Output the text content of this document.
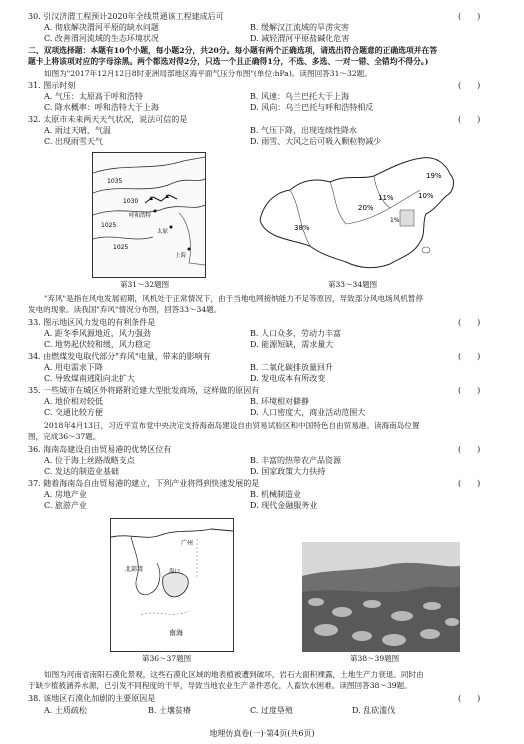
30. 引汉济渭工程预计2020年全线贯通该工程建成后可	(　　)
A. 彻底解决渭河平原的缺水问题	B. 缓解汉江流域的旱涝灾害
C. 改善渭河流域的生态环境状况	D. 减轻渭河平原盐碱化危害
二、双项选择题：本题有10个小题，每小题2分，共20分。每小题有两个正确选项，请选出符合题意的正确选项并在答
题卡上将该项对应的字母涂黑。两个都选对得2分，只选一个且正确得1分，不选、多选、一对一错、全错均不得分。)
如图为"2017年12月12日8时亚洲局部地区海平面气压分布图"(单位:hPa)。读图回答31～32题。
31. 图示时刻	(　　)
A. 气压：太原高于呼和浩特	B. 风速：乌兰巴托大于上海
C. 降水概率：呼和浩特大于上海	D. 风向：乌兰巴托与呼和浩特相反
32. 太原市未来两天天气状况，说法可信的是	(　　)
A. 雨过天晴，气温	B. 气压下降，出现连续性降水
C. 出现雨雪天气	D. 雨雪、大风之后可吸入颗粒物减少
1035
1030
1025
呼和浩特
1025
太原
上海
第31～32题图
38%
20%
19%
10%
11%
1%
第33～34题图
"弃风"是指在风电发展初期，风机处于正常情况下，由于当地电网接纳能力不足等原因，导致部分风电场风机暂停
发电的现象。读我国"弃风"情况分布图，回答33～34题。
33. 图示地区风力发电的有利条件是	(　　)
A. 距冬季风源地近，风力强劲	B. 人口众多，劳动力丰富
C. 地势起伏较和缓，风力稳定	D. 能源短缺，需求量大
34. 由燃煤发电取代部分"弃风"电量，带来的影响有	(　　)
A. 用电需求下降	B. 二氧化碳排放量回升
C. 导致煤南逃阻向北扩大	D. 发电成本有所改变
35. 一些城市在城区外将路附近建大型批发商场，这样做的原因有	(　　)
A. 地价相对较低	B. 环境相对僻静
C. 交通比较方便	D. 人口密度大，商业活动范围大
2018年4月13日，习近平宣布党中央决定支持海南岛建设自由贸易试验区和中国特色自由贸易港。读海南岛位置
图，完成36～37题。
36. 海南岛建设自由贸易港的优势区位有	(　　)
A. 位于海上丝路战略支点	B. 丰富的热带农产品资源
C. 发达的制造业基础	D. 国家政策大力扶持
37. 随着海南岛自由贸易港的建立，下列产业将得到快速发展的是	(　　)
A. 房地产业	B. 机械制造业
C. 旅游产业	D. 现代金融服务业
广州
北部湾	海口
南海
第36～37题图	第38～39题图
如图为河南省南阳石漠化景观，这些石漠化区域的地表植被遭到破坏，岩石大面积裸露，土地生产力衰退。同时由
于缺少植被涵养水源，已引发不同程度的干旱，导致当地农业生产条件恶化，人畜饮水困难。读图回答38～39题。
38. 该地区石漠化加剧的主要原因是	(　　)
A. 土质疏松	B. 土壤贫瘠	C. 过度垦殖	D. 乱砍滥伐
地理仿真卷(一)·第4页(共6页)
